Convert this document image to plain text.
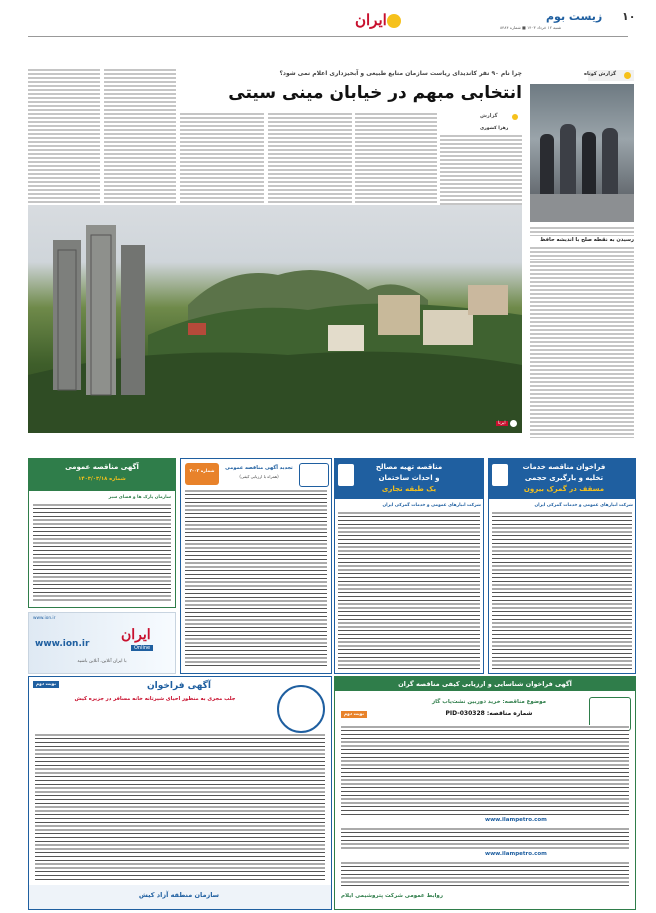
۱۰
زیست بوم
شنبه ۱۲ خرداد ۱۴۰۳ ■ شماره ۸۴۸۴
ایران
گزارش کوتاه
رسیدن به نقطه صلح با اندیشه حافظ
چرا نام ۹۰ نفر کاندیدای ریاست سازمان منابع طبیعی و آبخیزداری اعلام نمی شود؟
انتخابی مبهم در خیابان مینی سیتی
گزارش
زهرا کشوری
ایرنا
فراخوان مناقصه خدمات
تخلیه و بارگیری حجمی
مسقف در گمرک بیرون
شرکت انبارهای عمومی و خدمات گمرکی ایران
مناقصه تهیه مصالح
و احداث ساختمان
یک طبقه تجاری
شرکت انبارهای عمومی و خدمات گمرکی ایران
تجدید آگهی مناقصه عمومی
(همراه با ارزیابی کیفی)
شماره ۰۳-۳
آگهی مناقصه عمومی
شماره ۱۴۰۳/۰۳/۱۸
سازمان پارک ها و فضای سبز
www.ion.ir
ایران
Online
www.ion.ir
با ایران آنلاین، آنلاین باشید
نوبت دوم	آگهی فراخوان
جلب مجری به منظور احیای شیرتانه خانه مسافر در جزیره کیش
سازمان منطقه آزاد کیش
آگهی فراخوان شناسایی و ارزیابی کیفی مناقصه گران
موضوع مناقصه: خرید دوربین نشت‌یاب گاز
شماره مناقصه: PID-030328
نوبت دوم
www.ilampetro.com
www.ilampetro.com
روابط عمومی شرکت پتروشیمی ایلام
